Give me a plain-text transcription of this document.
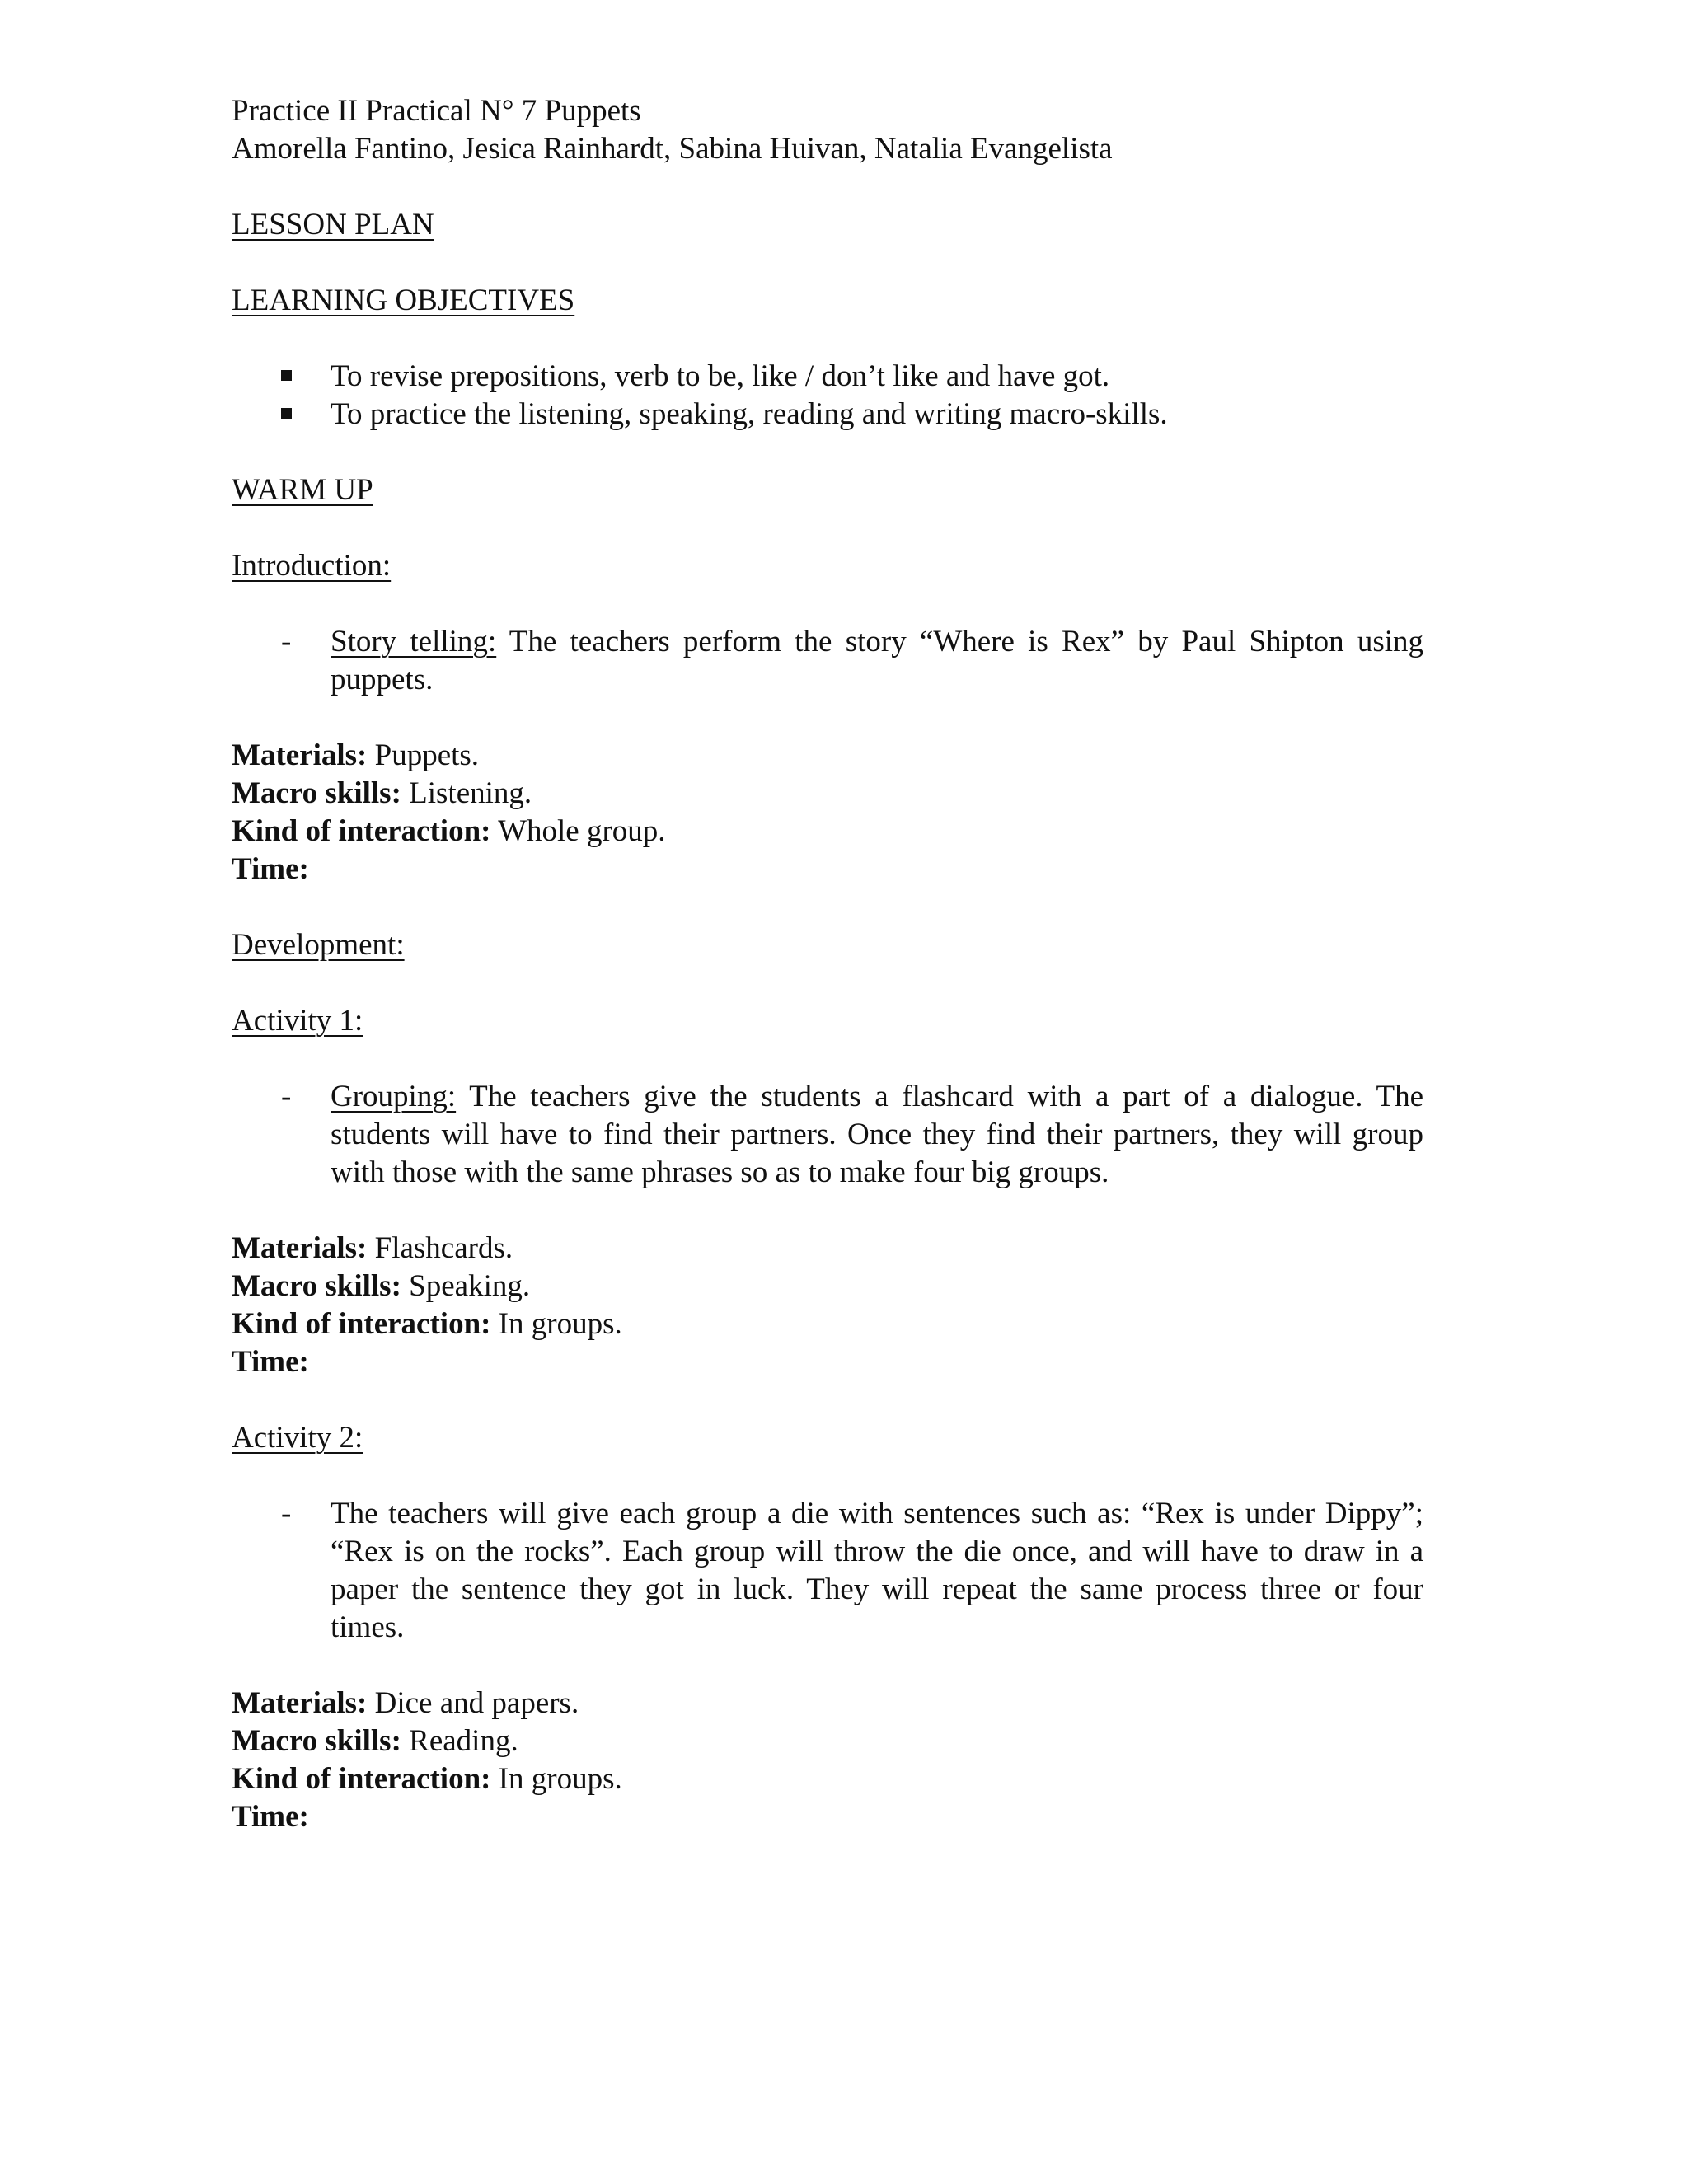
Practice II Practical N° 7 Puppets
Amorella Fantino, Jesica Rainhardt, Sabina Huivan, Natalia Evangelista
LESSON PLAN
LEARNING OBJECTIVES
To revise prepositions, verb to be, like / don’t like and have got.
To practice the listening, speaking, reading and writing macro-skills.
WARM UP
Introduction:
- Story telling: The teachers perform the story “Where is Rex” by Paul Shipton using puppets.
Materials: Puppets.
Macro skills: Listening.
Kind of interaction: Whole group.
Time:
Development:
Activity 1:
- Grouping: The teachers give the students a flashcard with a part of a dialogue. The students will have to find their partners. Once they find their partners, they will group with those with the same phrases so as to make four big groups.
Materials: Flashcards.
Macro skills: Speaking.
Kind of interaction: In groups.
Time:
Activity 2:
- The teachers will give each group a die with sentences such as: “Rex is under Dippy”; “Rex is on the rocks”. Each group will throw the die once, and will have to draw in a paper the sentence they got in luck. They will repeat the same process three or four times.
Materials: Dice and papers.
Macro skills: Reading.
Kind of interaction: In groups.
Time:
